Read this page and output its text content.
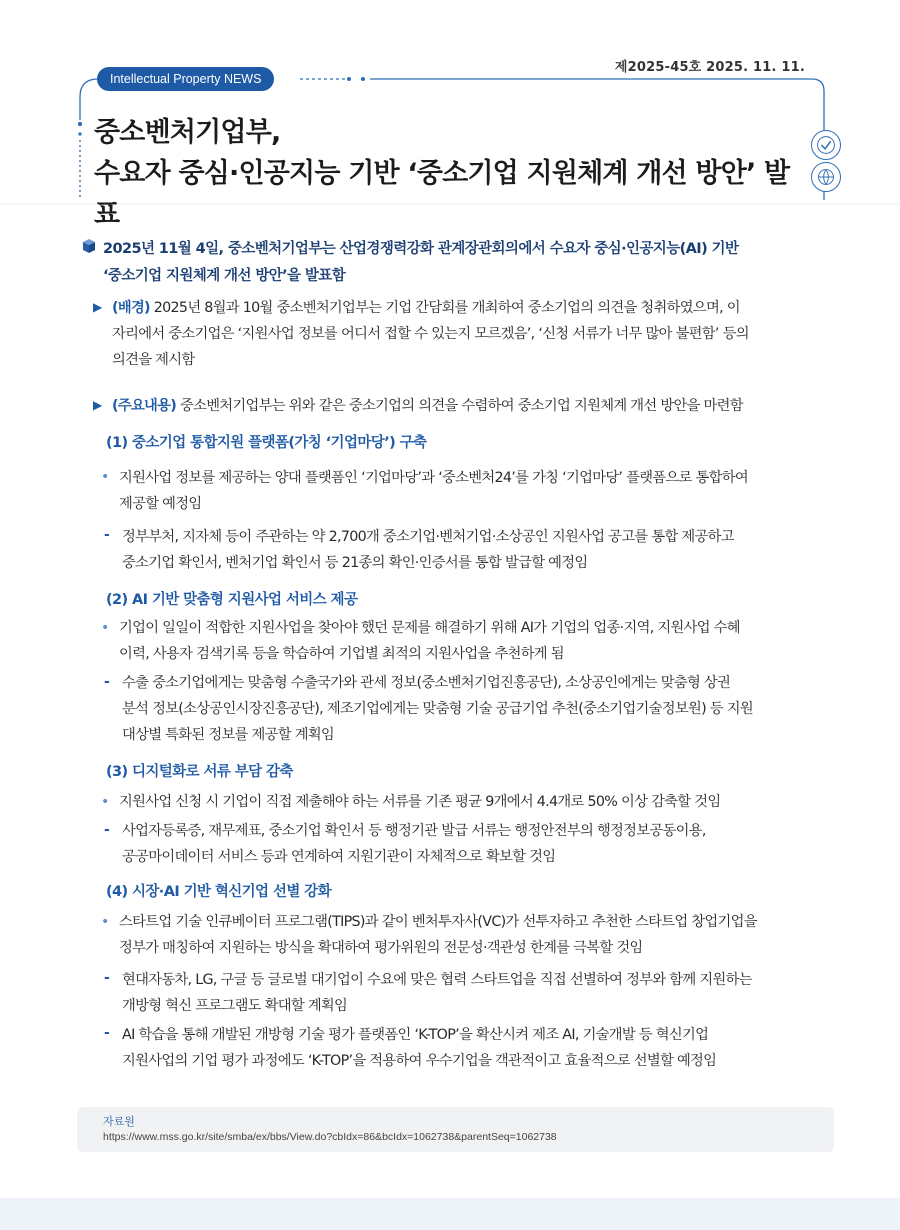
제2025-45호 2025. 11. 11.
Intellectual Property NEWS
중소벤처기업부,
수요자 중심·인공지능 기반 ‘중소기업 지원체계 개선 방안’ 발표
2025년 11월 4일, 중소벤처기업부는 산업경쟁력강화 관계장관회의에서 수요자 중심·인공지능(AI) 기반
‘중소기업 지원체계 개선 방안’을 발표함
▶ (배경) 2025년 8월과 10월 중소벤처기업부는 기업 간담회를 개최하여 중소기업의 의견을 청취하였으며, 이
자리에서 중소기업은 ‘지원사업 정보를 어디서 접할 수 있는지 모르겠음’, ‘신청 서류가 너무 많아 불편함’ 등의
의견을 제시함
▶ (주요내용) 중소벤처기업부는 위와 같은 중소기업의 의견을 수렴하여 중소기업 지원체계 개선 방안을 마련함
(1) 중소기업 통합지원 플랫폼(가칭 ‘기업마당’) 구축
• 지원사업 정보를 제공하는 양대 플랫폼인 ‘기업마당’과 ‘중소벤처24’를 가칭 ‘기업마당’ 플랫폼으로 통합하여
제공할 예정임
- 정부부처, 지자체 등이 주관하는 약 2,700개 중소기업·벤처기업·소상공인 지원사업 공고를 통합 제공하고
중소기업 확인서, 벤처기업 확인서 등 21종의 확인·인증서를 통합 발급할 예정임
(2) AI 기반 맞춤형 지원사업 서비스 제공
• 기업이 일일이 적합한 지원사업을 찾아야 했던 문제를 해결하기 위해 AI가 기업의 업종·지역, 지원사업 수혜
이력, 사용자 검색기록 등을 학습하여 기업별 최적의 지원사업을 추천하게 됨
- 수출 중소기업에게는 맞춤형 수출국가와 관세 정보(중소벤처기업진흥공단), 소상공인에게는 맞춤형 상권
분석 정보(소상공인시장진흥공단), 제조기업에게는 맞춤형 기술 공급기업 추천(중소기업기술정보원) 등 지원
대상별 특화된 정보를 제공할 계획임
(3) 디지털화로 서류 부담 감축
• 지원사업 신청 시 기업이 직접 제출해야 하는 서류를 기존 평균 9개에서 4.4개로 50% 이상 감축할 것임
- 사업자등록증, 재무제표, 중소기업 확인서 등 행정기관 발급 서류는 행정안전부의 행정정보공동이용,
공공마이데이터 서비스 등과 연계하여 지원기관이 자체적으로 확보할 것임
(4) 시장·AI 기반 혁신기업 선별 강화
• 스타트업 기술 인큐베이터 프로그램(TIPS)과 같이 벤처투자사(VC)가 선투자하고 추천한 스타트업 창업기업을
정부가 매칭하여 지원하는 방식을 확대하여 평가위원의 전문성·객관성 한계를 극복할 것임
- 현대자동차, LG, 구글 등 글로벌 대기업이 수요에 맞은 협력 스타트업을 직접 선별하여 정부와 함께 지원하는
개방형 혁신 프로그램도 확대할 계획임
- AI 학습을 통해 개발된 개방형 기술 평가 플랫폼인 ‘K-TOP’을 확산시켜 제조 AI, 기술개발 등 혁신기업
지원사업의 기업 평가 과정에도 ‘K-TOP’을 적용하여 우수기업을 객관적이고 효율적으로 선별할 예정임
자료원
https://www.mss.go.kr/site/smba/ex/bbs/View.do?cbIdx=86&bcIdx=1062738&parentSeq=1062738
